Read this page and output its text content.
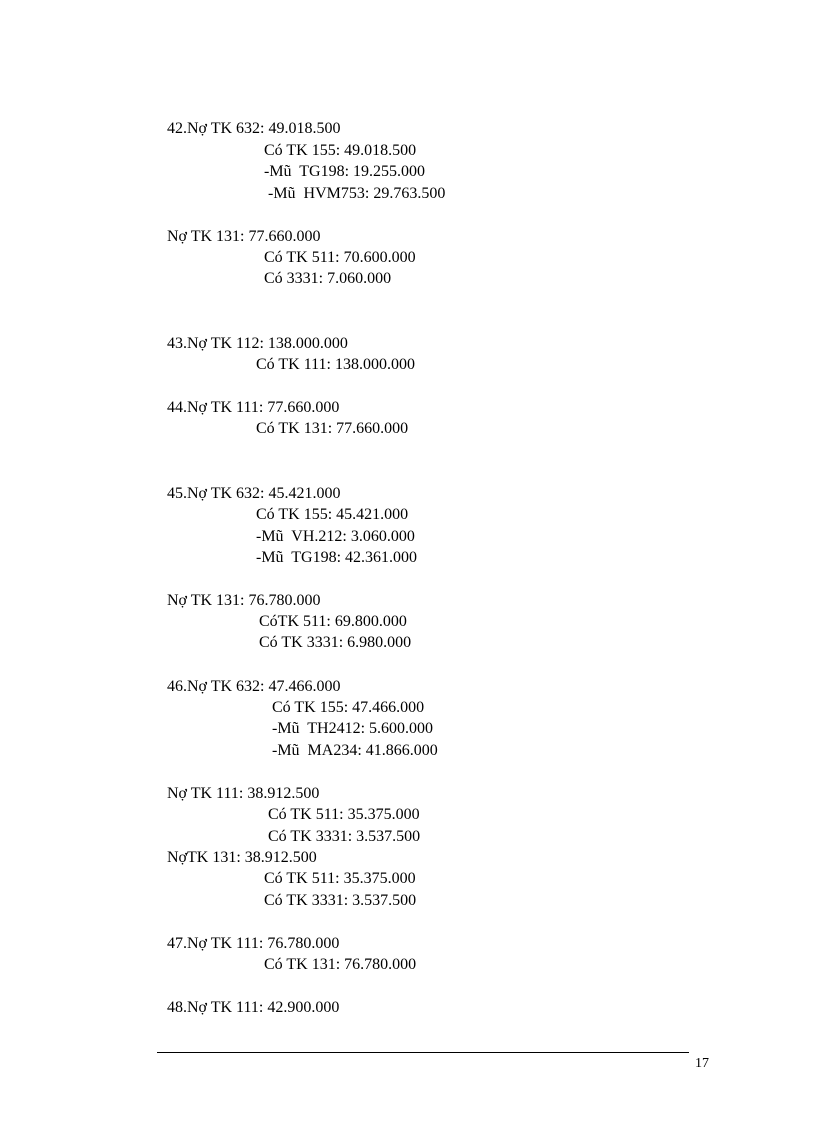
42.Nợ TK 632: 49.018.500
Có TK 155: 49.018.500
-Mũ  TG198: 19.255.000
-Mũ  HVM753: 29.763.500
Nợ TK 131: 77.660.000
Có TK 511: 70.600.000
Có 3331: 7.060.000
43.Nợ TK 112: 138.000.000
Có TK 111: 138.000.000
44.Nợ TK 111: 77.660.000
Có TK 131: 77.660.000
45.Nợ TK 632: 45.421.000
Có TK 155: 45.421.000
-Mũ  VH.212: 3.060.000
-Mũ  TG198: 42.361.000
Nợ TK 131: 76.780.000
CóTK 511: 69.800.000
Có TK 3331: 6.980.000
46.Nợ TK 632: 47.466.000
Có TK 155: 47.466.000
-Mũ  TH2412: 5.600.000
-Mũ  MA234: 41.866.000
Nợ TK 111: 38.912.500
Có TK 511: 35.375.000
Có TK 3331: 3.537.500
NợTK 131: 38.912.500
Có TK 511: 35.375.000
Có TK 3331: 3.537.500
47.Nợ TK 111: 76.780.000
Có TK 131: 76.780.000
48.Nợ TK 111: 42.900.000
17
